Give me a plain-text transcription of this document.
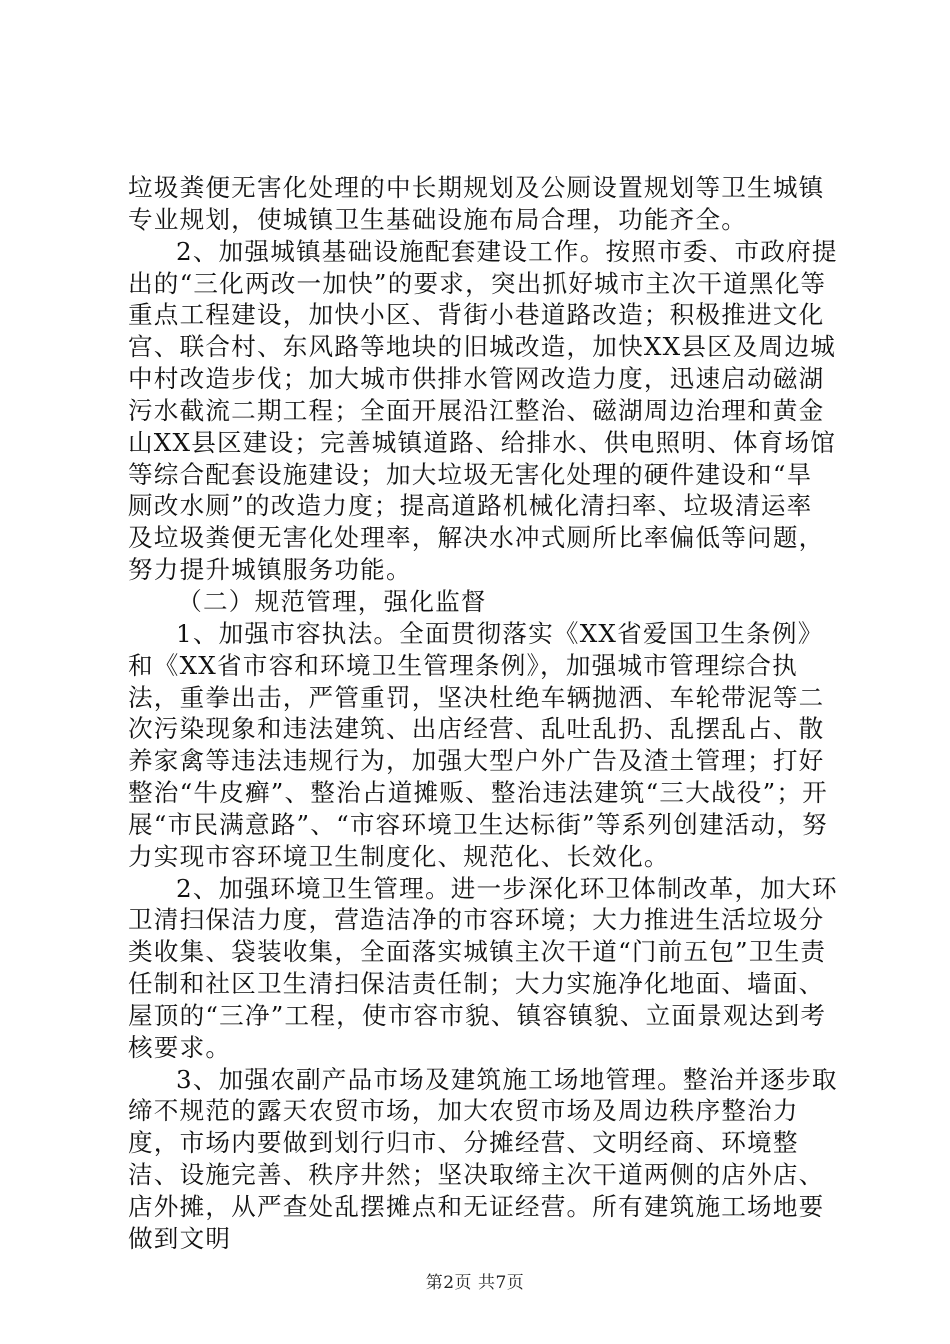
垃圾粪便无害化处理的中长期规划及公厕设置规划等卫生城镇专业规划，使城镇卫生基础设施布局合理，功能齐全。

2、加强城镇基础设施配套建设工作。按照市委、市政府提出的“三化两改一加快”的要求，突出抓好城市主次干道黑化等重点工程建设，加快小区、背街小巷道路改造；积极推进文化宫、联合村、东风路等地块的旧城改造，加快XX县区及周边城中村改造步伐；加大城市供排水管网改造力度，迅速启动磁湖污水截流二期工程；全面开展沿江整治、磁湖周边治理和黄金山XX县区建设；完善城镇道路、给排水、供电照明、体育场馆等综合配套设施建设；加大垃圾无害化处理的硬件建设和“旱厕改水厕”的改造力度；提高道路机械化清扫率、垃圾清运率及垃圾粪便无害化处理率，解决水冲式厕所比率偏低等问题，努力提升城镇服务功能。

（二）规范管理，强化监督

1、加强市容执法。全面贯彻落实《XX省爱国卫生条例》和《XX省市容和环境卫生管理条例》，加强城市管理综合执法，重拳出击，严管重罚，坚决杜绝车辆抛洒、车轮带泥等二次污染现象和违法建筑、出店经营、乱吐乱扔、乱摆乱占、散养家禽等违法违规行为，加强大型户外广告及渣土管理；打好整治“牛皮癣”、整治占道摊贩、整治违法建筑“三大战役”；开展“市民满意路”、“市容环境卫生达标街”等系列创建活动，努力实现市容环境卫生制度化、规范化、长效化。

2、加强环境卫生管理。进一步深化环卫体制改革，加大环卫清扫保洁力度，营造洁净的市容环境；大力推进生活垃圾分类收集、袋装收集，全面落实城镇主次干道“门前五包”卫生责任制和社区卫生清扫保洁责任制；大力实施净化地面、墙面、屋顶的“三净”工程，使市容市貌、镇容镇貌、立面景观达到考核要求。

3、加强农副产品市场及建筑施工场地管理。整治并逐步取缔不规范的露天农贸市场，加大农贸市场及周边秩序整治力度，市场内要做到划行归市、分摊经营、文明经商、环境整洁、设施完善、秩序井然；坚决取缔主次干道两侧的店外店、店外摊，从严查处乱摆摊点和无证经营。所有建筑施工场地要做到文明

第2页 共7页
